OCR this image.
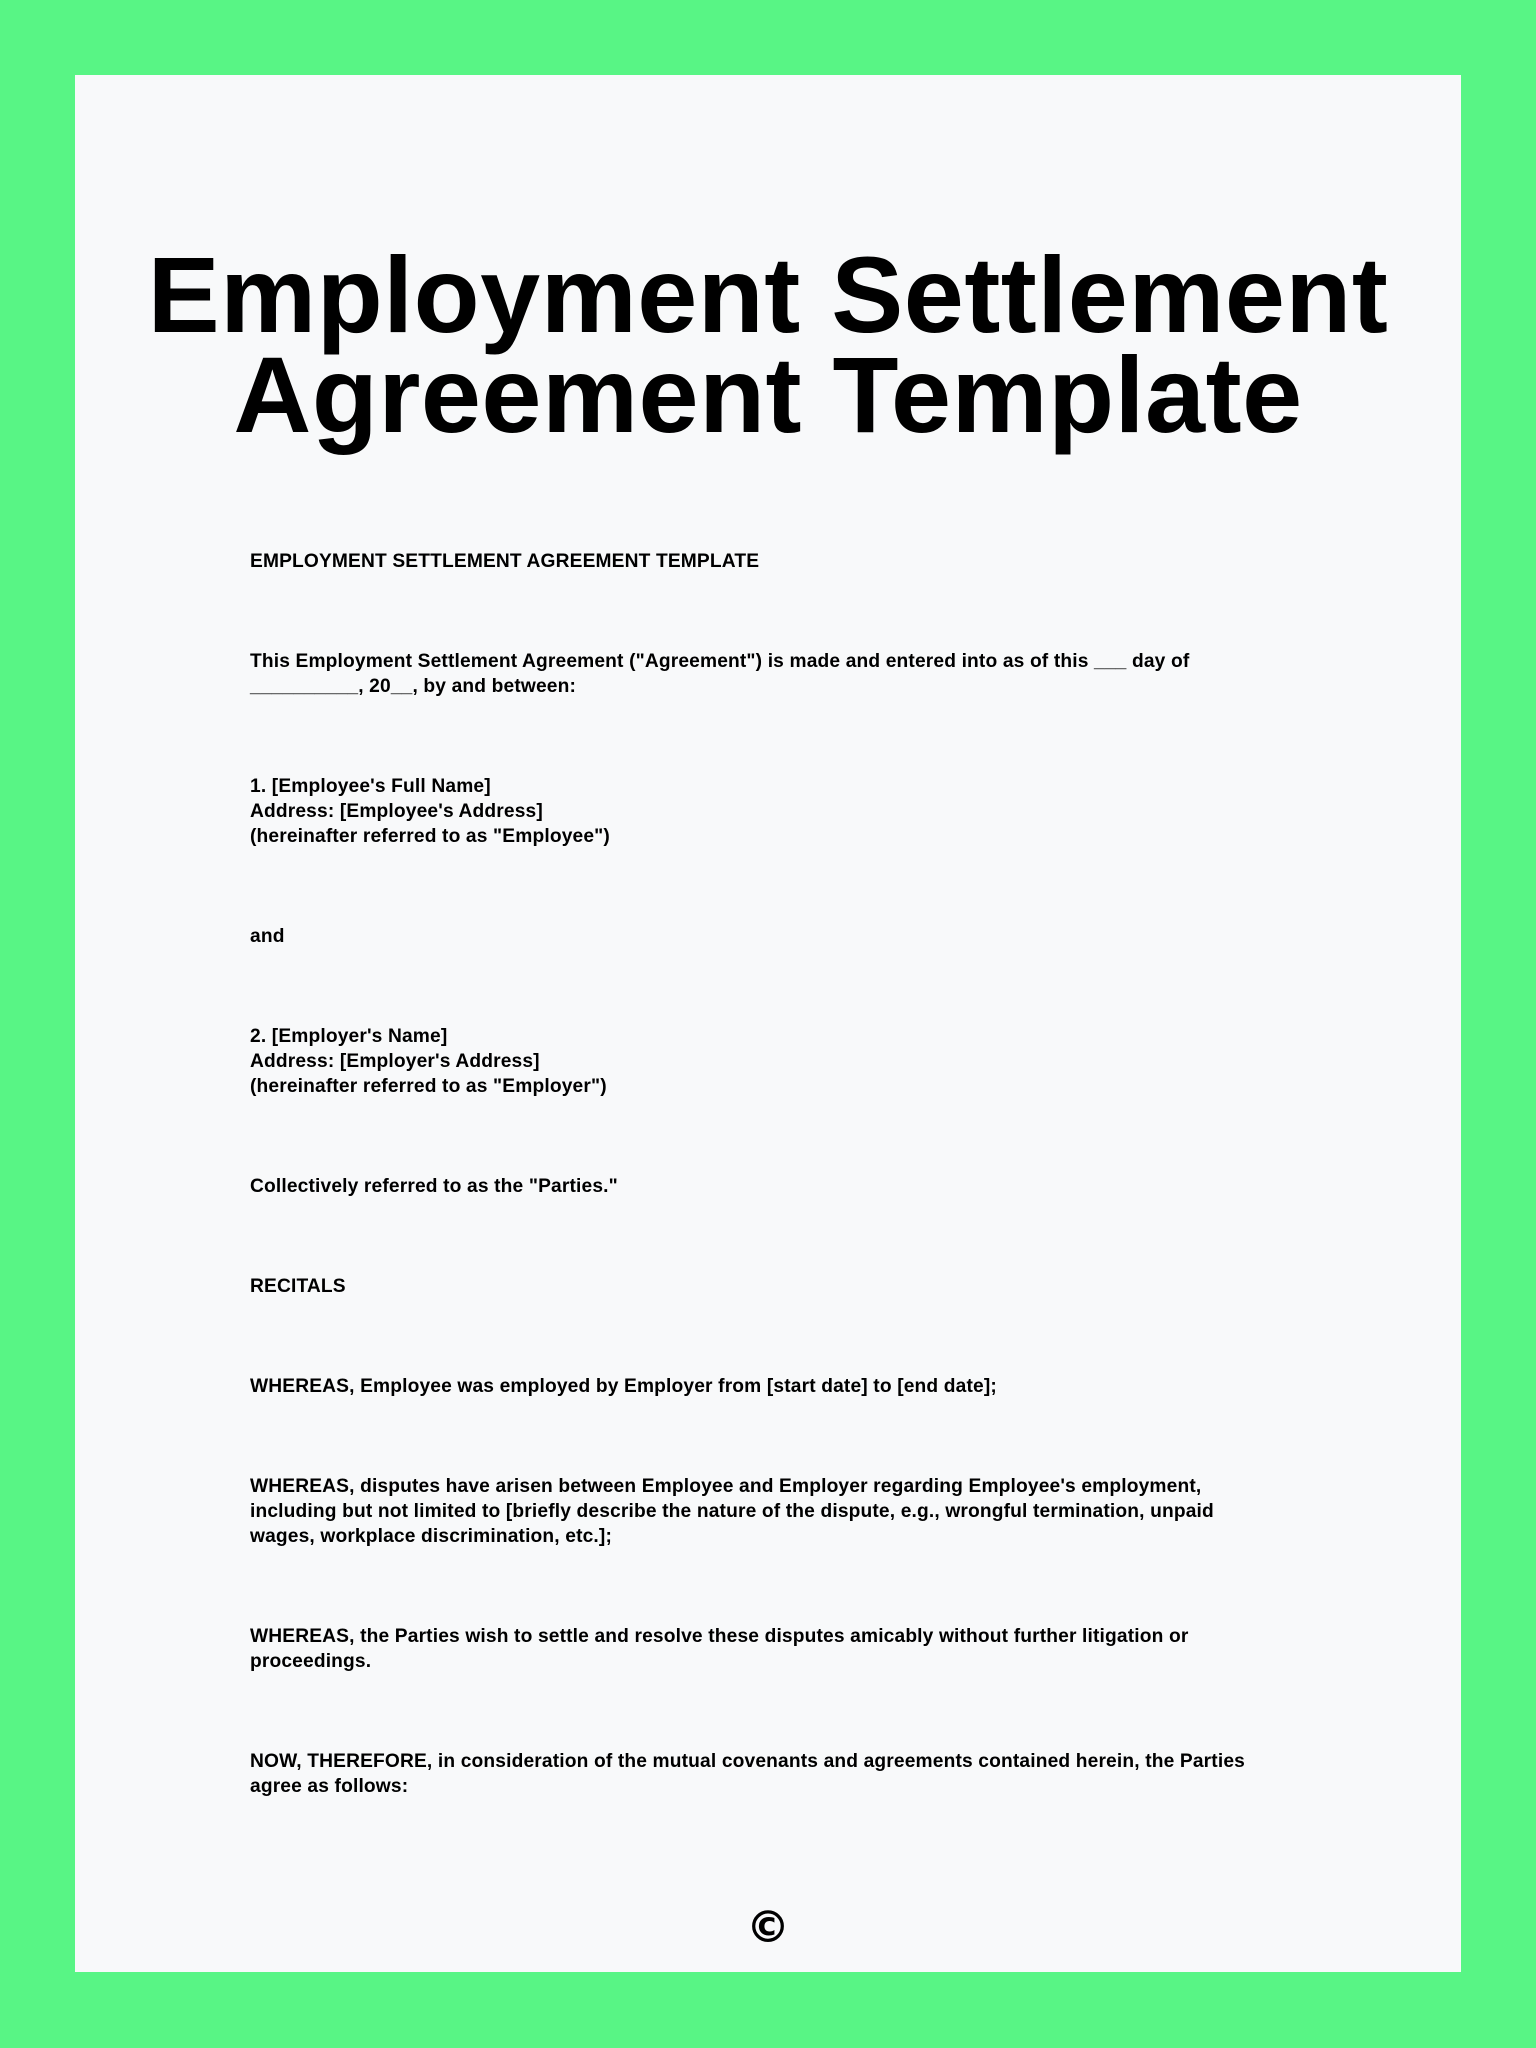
Employment Settlement
Agreement Template

EMPLOYMENT SETTLEMENT AGREEMENT TEMPLATE

This Employment Settlement Agreement ("Agreement") is made and entered into as of this ___ day of
__________, 20__, by and between:

1. [Employee's Full Name]
Address: [Employee's Address]
(hereinafter referred to as "Employee")

and

2. [Employer's Name]
Address: [Employer's Address]
(hereinafter referred to as "Employer")

Collectively referred to as the "Parties."

RECITALS

WHEREAS, Employee was employed by Employer from [start date] to [end date];

WHEREAS, disputes have arisen between Employee and Employer regarding Employee's employment,
including but not limited to [briefly describe the nature of the dispute, e.g., wrongful termination, unpaid
wages, workplace discrimination, etc.];

WHEREAS, the Parties wish to settle and resolve these disputes amicably without further litigation or
proceedings.

NOW, THEREFORE, in consideration of the mutual covenants and agreements contained herein, the Parties
agree as follows:

©
